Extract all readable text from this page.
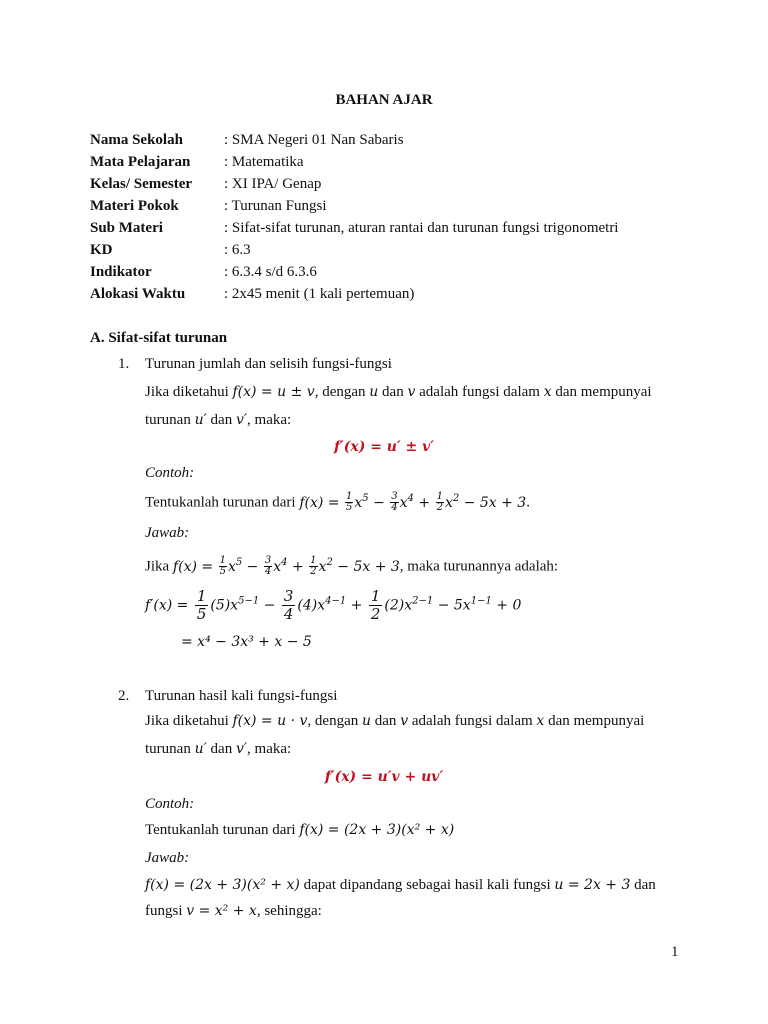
BAHAN AJAR
Nama Sekolah	: SMA Negeri 01 Nan Sabaris
Mata Pelajaran : Matematika
Kelas/ Semester : XI IPA/ Genap
Materi Pokok	: Turunan Fungsi
Sub Materi	: Sifat-sifat turunan, aturan rantai dan turunan fungsi trigonometri
KD	: 6.3
Indikator	: 6.3.4 s/d 6.3.6
Alokasi Waktu	: 2x45 menit (1 kali pertemuan)
A. Sifat-sifat turunan
1. Turunan jumlah dan selisih fungsi-fungsi
Jika diketahui f(x) = u ± v, dengan u dan v adalah fungsi dalam x dan mempunyai
turunan u′ dan v′, maka:
f′(x) = u′ ± v′
Contoh:
Tentukanlah turunan dari $f(x) = \frac{1}{5} x^5 - \frac{3}{4} x^4 + \frac{1}{2} x^2 - 5x + 3$.
Jawab:
Jika $f(x) = \frac{1}{5} x^5 - \frac{3}{4} x^4 + \frac{1}{2} x^2 - 5x + 3$, maka turunannya adalah:
$f'(x) = \frac{1}{5} (5)x^{5-1} - \frac{3}{4} (4)x^{4-1} + \frac{1}{2} (2)x^{2-1} - 5x^{1-1} + 0$
= x⁴ − 3x³ + x − 5
2. Turunan hasil kali fungsi-fungsi
Jika diketahui f(x) = u · v, dengan u dan v adalah fungsi dalam x dan mempunyai
turunan u′ dan v′, maka:
f′(x) = u′v + uv′
Contoh:
Tentukanlah turunan dari f(x) = (2x + 3)(x² + x)
Jawab:
f(x) = (2x + 3)(x² + x) dapat dipandang sebagai hasil kali fungsi u = 2x + 3 dan
fungsi v = x² + x, sehingga:
1
